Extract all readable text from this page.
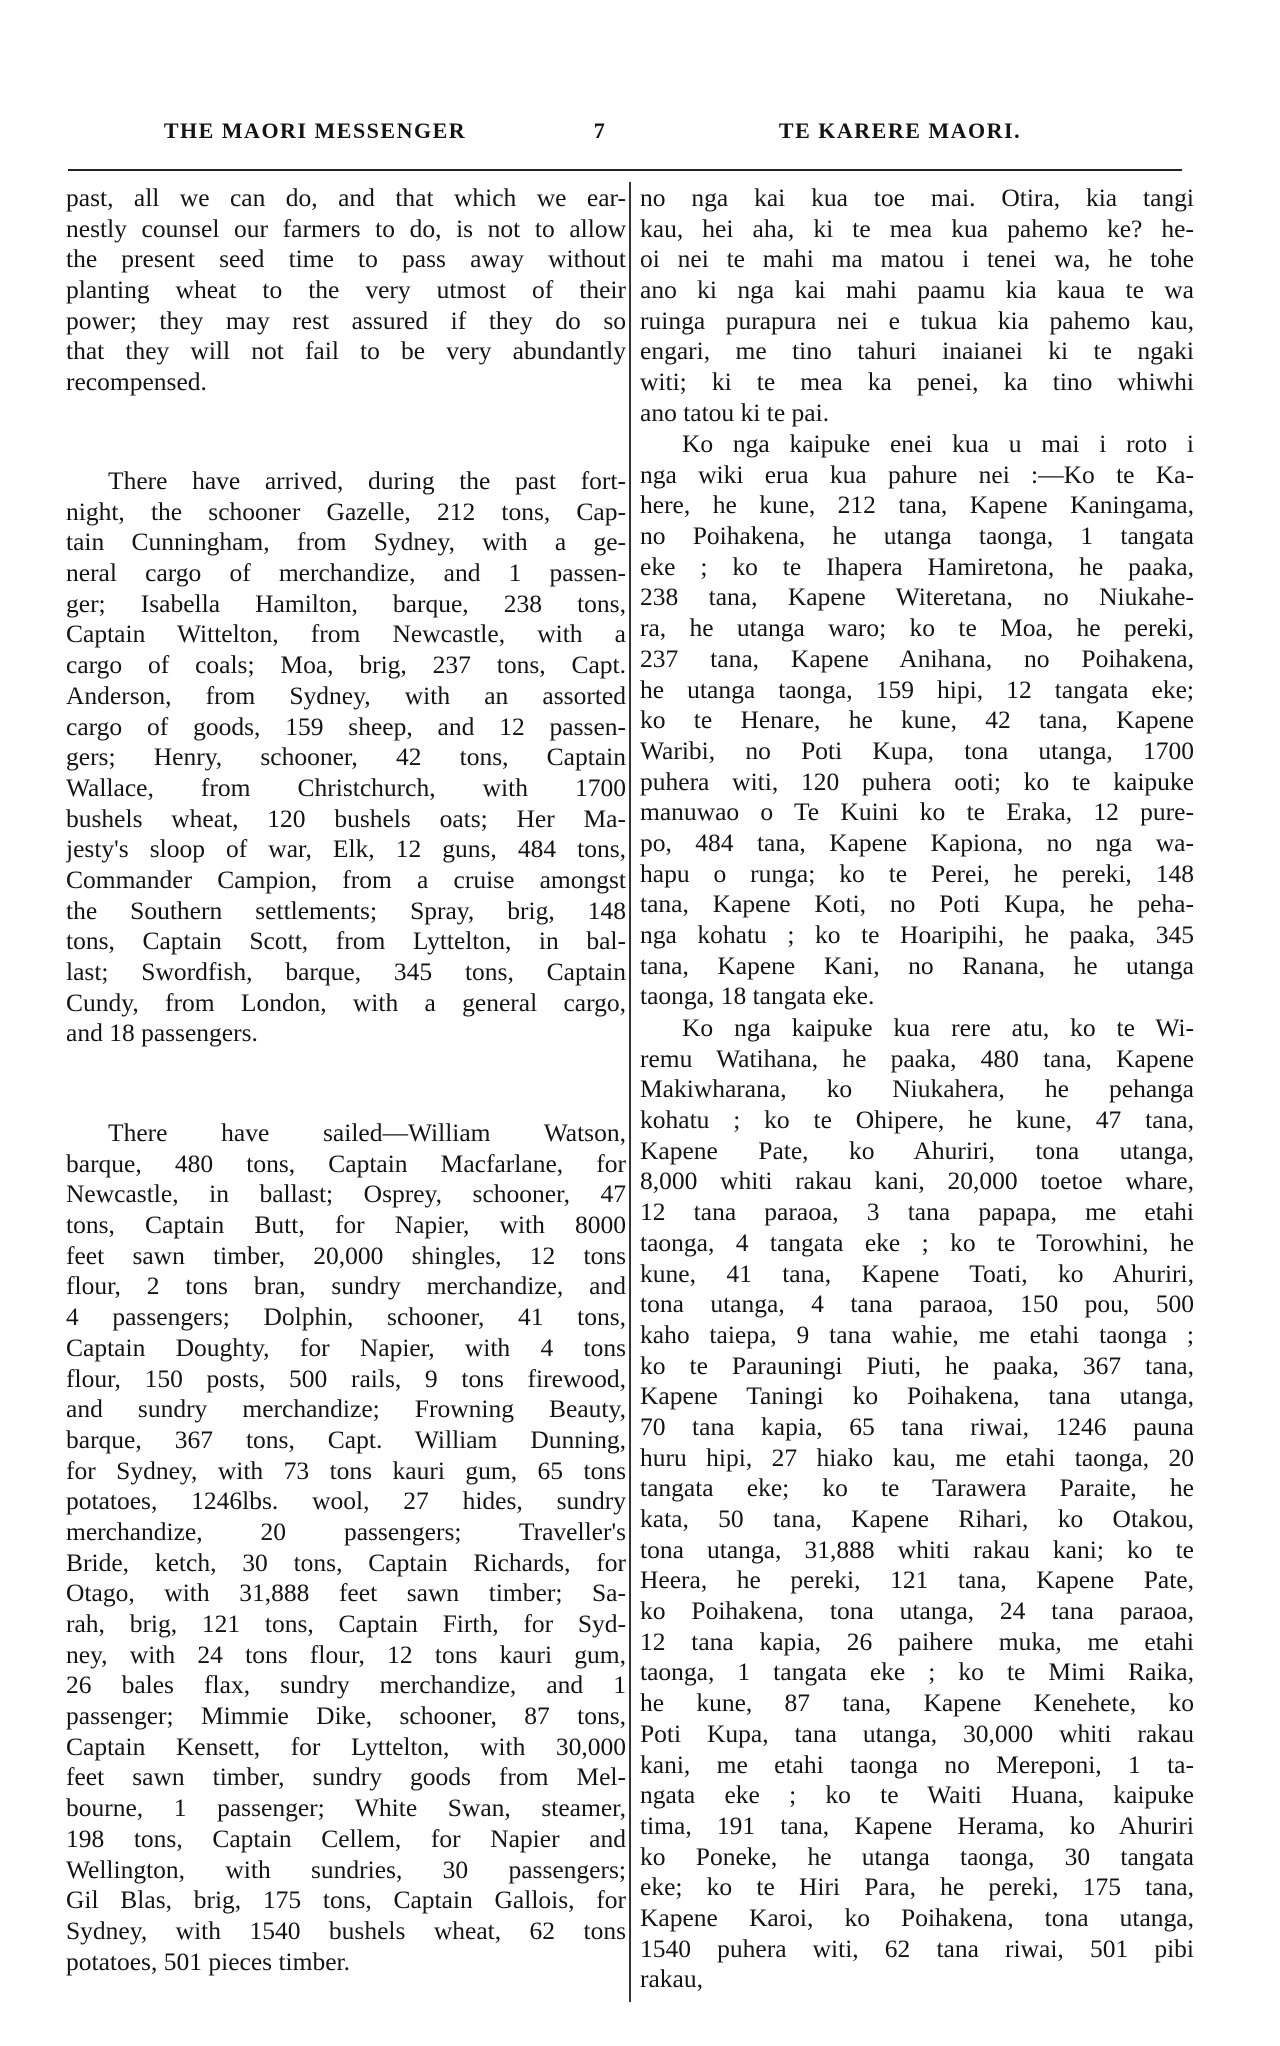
THE MAORI MESSENGER	7	TE KARERE MAORI.
past, all we can do, and that which we ear-
nestly counsel our farmers to do, is not to allow
the present seed time to pass away without
planting wheat to the very utmost of their
power; they may rest assured if they do so
that they will not fail to be very abundantly
recompensed.
There have arrived, during the past fort-
night, the schooner Gazelle, 212 tons, Cap-
tain Cunningham, from Sydney, with a ge-
neral cargo of merchandize, and 1 passen-
ger; Isabella Hamilton, barque, 238 tons,
Captain Wittelton, from Newcastle, with a
cargo of coals; Moa, brig, 237 tons, Capt.
Anderson, from Sydney, with an assorted
cargo of goods, 159 sheep, and 12 passen-
gers; Henry, schooner, 42 tons, Captain
Wallace, from Christchurch, with 1700
bushels wheat, 120 bushels oats; Her Ma-
jesty's sloop of war, Elk, 12 guns, 484 tons,
Commander Campion, from a cruise amongst
the Southern settlements; Spray, brig, 148
tons, Captain Scott, from Lyttelton, in bal-
last; Swordfish, barque, 345 tons, Captain
Cundy, from London, with a general cargo,
and 18 passengers.
There have sailed—William Watson,
barque, 480 tons, Captain Macfarlane, for
Newcastle, in ballast; Osprey, schooner, 47
tons, Captain Butt, for Napier, with 8000
feet sawn timber, 20,000 shingles, 12 tons
flour, 2 tons bran, sundry merchandize, and
4 passengers; Dolphin, schooner, 41 tons,
Captain Doughty, for Napier, with 4 tons
flour, 150 posts, 500 rails, 9 tons firewood,
and sundry merchandize; Frowning Beauty,
barque, 367 tons, Capt. William Dunning,
for Sydney, with 73 tons kauri gum, 65 tons
potatoes, 1246lbs. wool, 27 hides, sundry
merchandize, 20 passengers; Traveller's
Bride, ketch, 30 tons, Captain Richards, for
Otago, with 31,888 feet sawn timber; Sa-
rah, brig, 121 tons, Captain Firth, for Syd-
ney, with 24 tons flour, 12 tons kauri gum,
26 bales flax, sundry merchandize, and 1
passenger; Mimmie Dike, schooner, 87 tons,
Captain Kensett, for Lyttelton, with 30,000
feet sawn timber, sundry goods from Mel-
bourne, 1 passenger; White Swan, steamer,
198 tons, Captain Cellem, for Napier and
Wellington, with sundries, 30 passengers;
Gil Blas, brig, 175 tons, Captain Gallois, for
Sydney, with 1540 bushels wheat, 62 tons
potatoes, 501 pieces timber.
no nga kai kua toe mai. Otira, kia tangi
kau, hei aha, ki te mea kua pahemo ke? he-
oi nei te mahi ma matou i tenei wa, he tohe
ano ki nga kai mahi paamu kia kaua te wa
ruinga purapura nei e tukua kia pahemo kau,
engari, me tino tahuri inaianei ki te ngaki
witi; ki te mea ka penei, ka tino whiwhi
ano tatou ki te pai.
Ko nga kaipuke enei kua u mai i roto i
nga wiki erua kua pahure nei :—Ko te Ka-
here, he kune, 212 tana, Kapene Kaningama,
no Poihakena, he utanga taonga, 1 tangata
eke ; ko te Ihapera Hamiretona, he paaka,
238 tana, Kapene Witeretana, no Niukahe-
ra, he utanga waro; ko te Moa, he pereki,
237 tana, Kapene Anihana, no Poihakena,
he utanga taonga, 159 hipi, 12 tangata eke;
ko te Henare, he kune, 42 tana, Kapene
Waribi, no Poti Kupa, tona utanga, 1700
puhera witi, 120 puhera ooti; ko te kaipuke
manuwao o Te Kuini ko te Eraka, 12 pure-
po, 484 tana, Kapene Kapiona, no nga wa-
hapu o runga; ko te Perei, he pereki, 148
tana, Kapene Koti, no Poti Kupa, he peha-
nga kohatu ; ko te Hoaripihi, he paaka, 345
tana, Kapene Kani, no Ranana, he utanga
taonga, 18 tangata eke.
Ko nga kaipuke kua rere atu, ko te Wi-
remu Watihana, he paaka, 480 tana, Kapene
Makiwharana, ko Niukahera, he pehanga
kohatu ; ko te Ohipere, he kune, 47 tana,
Kapene Pate, ko Ahuriri, tona utanga,
8,000 whiti rakau kani, 20,000 toetoe whare,
12 tana paraoa, 3 tana papapa, me etahi
taonga, 4 tangata eke ; ko te Torowhini, he
kune, 41 tana, Kapene Toati, ko Ahuriri,
tona utanga, 4 tana paraoa, 150 pou, 500
kaho taiepa, 9 tana wahie, me etahi taonga ;
ko te Parauningi Piuti, he paaka, 367 tana,
Kapene Taningi ko Poihakena, tana utanga,
70 tana kapia, 65 tana riwai, 1246 pauna
huru hipi, 27 hiako kau, me etahi taonga, 20
tangata eke; ko te Tarawera Paraite, he
kata, 50 tana, Kapene Rihari, ko Otakou,
tona utanga, 31,888 whiti rakau kani; ko te
Heera, he pereki, 121 tana, Kapene Pate,
ko Poihakena, tona utanga, 24 tana paraoa,
12 tana kapia, 26 paihere muka, me etahi
taonga, 1 tangata eke ; ko te Mimi Raika,
he kune, 87 tana, Kapene Kenehete, ko
Poti Kupa, tana utanga, 30,000 whiti rakau
kani, me etahi taonga no Mereponi, 1 ta-
ngata eke ; ko te Waiti Huana, kaipuke
tima, 191 tana, Kapene Herama, ko Ahuriri
ko Poneke, he utanga taonga, 30 tangata
eke; ko te Hiri Para, he pereki, 175 tana,
Kapene Karoi, ko Poihakena, tona utanga,
1540 puhera witi, 62 tana riwai, 501 pibi
rakau,
